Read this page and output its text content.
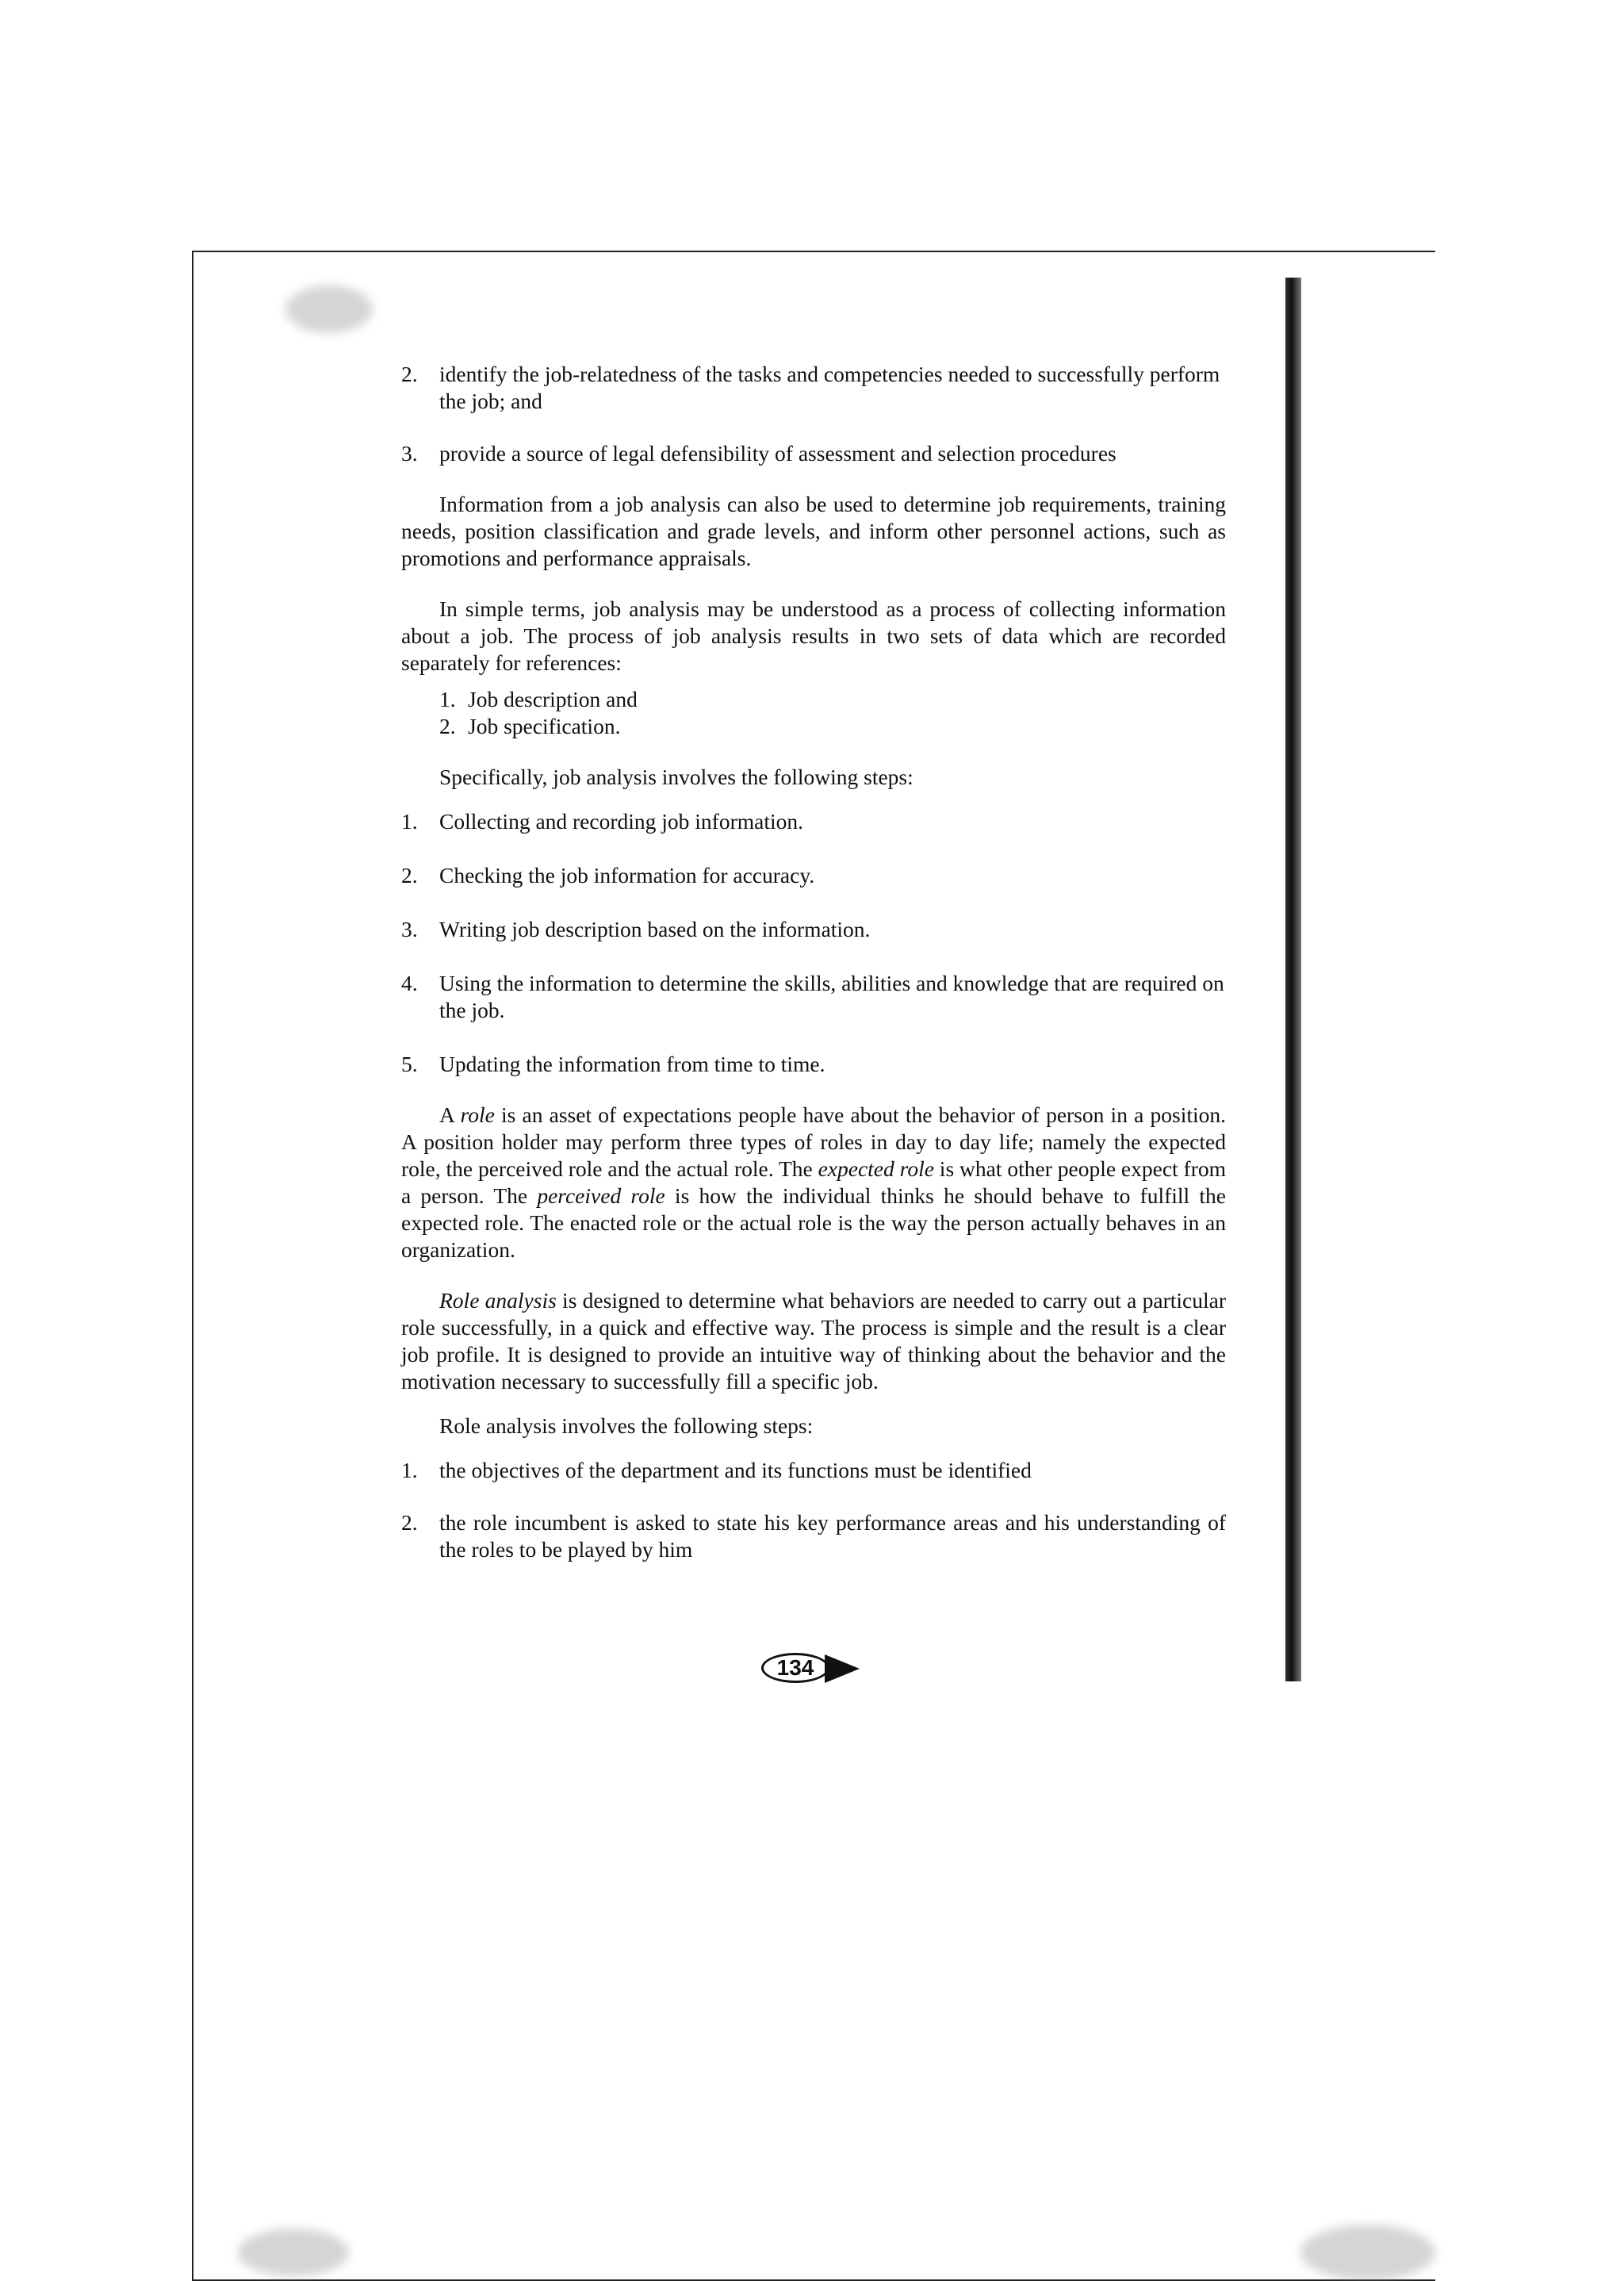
2. identify the job-relatedness of the tasks and competencies needed to successfully perform the job; and

3. provide a source of legal defensibility of assessment and selection procedures

Information from a job analysis can also be used to determine job requirements, training needs, position classification and grade levels, and inform other personnel actions, such as promotions and performance appraisals.

In simple terms, job analysis may be understood as a process of collecting information about a job. The process of job analysis results in two sets of data which are recorded separately for references:

1. Job description and

2. Job specification.

Specifically, job analysis involves the following steps:

1. Collecting and recording job information.

2. Checking the job information for accuracy.

3. Writing job description based on the information.

4. Using the information to determine the skills, abilities and knowledge that are required on the job.

5. Updating the information from time to time.

A role is an asset of expectations people have about the behavior of person in a position. A position holder may perform three types of roles in day to day life; namely the expected role, the perceived role and the actual role. The expected role is what other people expect from a person. The perceived role is how the individual thinks he should behave to fulfill the expected role. The enacted role or the actual role is the way the person actually behaves in an organization.

Role analysis is designed to determine what behaviors are needed to carry out a particular role successfully, in a quick and effective way. The process is simple and the result is a clear job profile. It is designed to provide an intuitive way of thinking about the behavior and the motivation necessary to successfully fill a specific job.

Role analysis involves the following steps:

1. the objectives of the department and its functions must be identified

2. the role incumbent is asked to state his key performance areas and his understanding of the roles to be played by him

134
